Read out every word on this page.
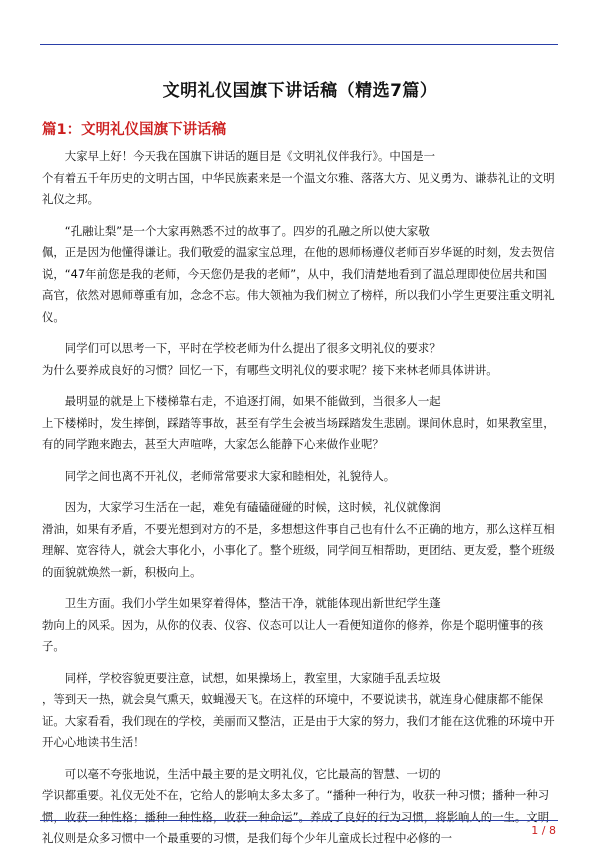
文明礼仪国旗下讲话稿（精选7篇）
篇1：文明礼仪国旗下讲话稿

大家早上好！今天我在国旗下讲话的题目是《文明礼仪伴我行》。中国是一
个有着五千年历史的文明古国，中华民族素来是一个温文尔雅、落落大方、见义勇为、谦恭礼让的文明礼仪之邦。

“孔融让梨”是一个大家再熟悉不过的故事了。四岁的孔融之所以使大家敬
佩，正是因为他懂得谦让。我们敬爱的温家宝总理，在他的恩师杨遵仪老师百岁华诞的时刻，发去贺信说，“47年前您是我的老师，今天您仍是我的老师”，从中，我们清楚地看到了温总理即使位居共和国高官，依然对恩师尊重有加，念念不忘。伟大领袖为我们树立了榜样，所以我们小学生更要注重文明礼仪。

同学们可以思考一下，平时在学校老师为什么提出了很多文明礼仪的要求？
为什么要养成良好的习惯？回忆一下，有哪些文明礼仪的要求呢？接下来林老师具体讲讲。

最明显的就是上下楼梯靠右走，不追逐打闹，如果不能做到，当很多人一起
上下楼梯时，发生摔倒，踩踏等事故，甚至有学生会被当场踩踏发生悲剧。课间休息时，如果教室里，有的同学跑来跑去，甚至大声喧哗，大家怎么能静下心来做作业呢？

同学之间也离不开礼仪，老师常常要求大家和睦相处，礼貌待人。

因为，大家学习生活在一起，难免有磕磕碰碰的时候，这时候，礼仪就像润
滑油，如果有矛盾，不要光想到对方的不是，多想想这件事自己也有什么不正确的地方，那么这样互相理解、宽容待人，就会大事化小，小事化了。整个班级，同学间互相帮助，更团结、更友爱，整个班级的面貌就焕然一新，积极向上。

卫生方面。我们小学生如果穿着得体，整洁干净，就能体现出新世纪学生蓬
勃向上的风采。因为，从你的仪表、仪容、仪态可以让人一看便知道你的修养，你是个聪明懂事的孩子。

同样，学校容貌更要注意，试想，如果操场上，教室里，大家随手乱丢垃圾
，等到天一热，就会臭气熏天，蚊蝇漫天飞。在这样的环境中，不要说读书，就连身心健康都不能保证。大家看看，我们现在的学校，美丽而又整洁，正是由于大家的努力，我们才能在这优雅的环境中开开心心地读书生活！

可以毫不夸张地说，生活中最主要的是文明礼仪，它比最高的智慧、一切的
学识都重要。礼仪无处不在，它给人的影响太多太多了。“播种一种行为，收获一种习惯；播种一种习惯，收获一种性格；播种一种性格，收获一种命运”。养成了良好的行为习惯，将影响人的一生。文明礼仪则是众多习惯中一个最重要的习惯，是我们每个少年儿童成长过程中必修的一

1 / 8
